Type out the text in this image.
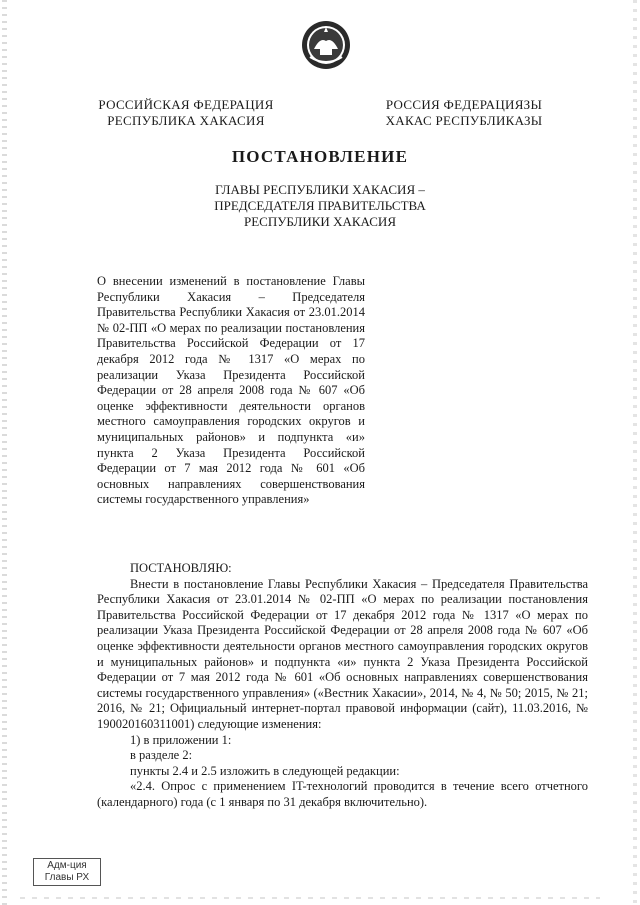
РОССИЙСКАЯ ФЕДЕРАЦИЯ
РЕСПУБЛИКА ХАКАСИЯ
РОССИЯ ФЕДЕРАЦИЯЗЫ
ХАКАС РЕСПУБЛИКАЗЫ
ПОСТАНОВЛЕНИЕ
ГЛАВЫ РЕСПУБЛИКИ ХАКАСИЯ –
ПРЕДСЕДАТЕЛЯ ПРАВИТЕЛЬСТВА
РЕСПУБЛИКИ ХАКАСИЯ
О внесении изменений в постановление Главы Республики Хакасия – Председателя Правительства Республики Хакасия от 23.01.2014 № 02-ПП «О мерах по реализации постановления Правительства Российской Федерации от 17 декабря 2012 года № 1317 «О мерах по реализации Указа Президента Российской Федерации от 28 апреля 2008 года № 607 «Об оценке эффективности деятельности органов местного самоуправления городских округов и муниципальных районов» и подпункта «и» пункта 2 Указа Президента Российской Федерации от 7 мая 2012 года № 601 «Об основных направлениях совершенствования системы государственного управления»

ПОСТАНОВЛЯЮ:

Внести в постановление Главы Республики Хакасия – Председателя Правительства Республики Хакасия от 23.01.2014 № 02-ПП «О мерах по реализации постановления Правительства Российской Федерации от 17 декабря 2012 года № 1317 «О мерах по реализации Указа Президента Российской Федерации от 28 апреля 2008 года № 607 «Об оценке эффективности деятельности органов местного самоуправления городских округов и муниципальных районов» и подпункта «и» пункта 2 Указа Президента Российской Федерации от 7 мая 2012 года № 601 «Об основных направлениях совершенствования системы государственного управления» («Вестник Хакасии», 2014, № 4, № 50; 2015, № 21; 2016, № 21; Официальный интернет-портал правовой информации (сайт), 11.03.2016, № 190020160311001) следующие изменения:

1) в приложении 1:

в разделе 2:

пункты 2.4 и 2.5 изложить в следующей редакции:

«2.4. Опрос с применением IT-технологий проводится в течение всего отчетного (календарного) года (с 1 января по 31 декабря включительно).

Адм-ция
Главы РХ
